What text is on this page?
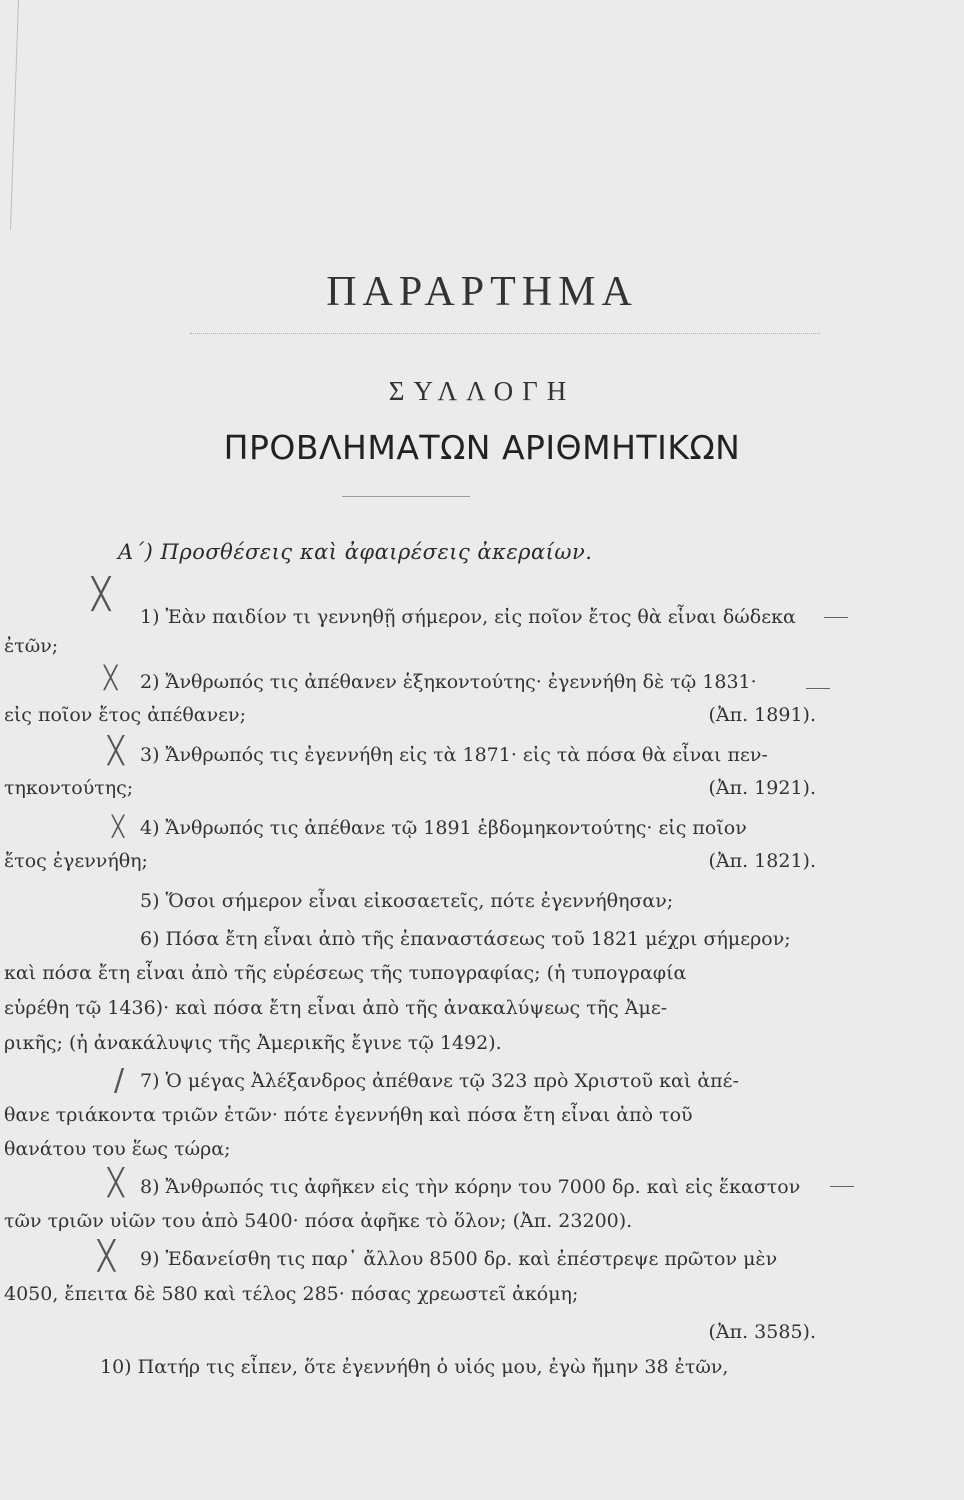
ΠΑΡΑΡΤΗΜΑ
ΣΥΛΛΟΓΗ
ΠΡΟΒΛΗΜΑΤΩΝ ΑΡΙΘΜΗΤΙΚΩΝ
Α΄) Προσθέσεις καὶ ἀφαιρέσεις ἀκεραίων.
1) Ἐὰν παιδίον τι γεννηθῇ σήμερον, εἰς ποῖον ἔτος θὰ εἶναι δώδεκα
ἐτῶν;
2) Ἄνθρωπός τις ἀπέθανεν ἑξηκοντούτης· ἐγεννήθη δὲ τῷ 1831·
εἰς ποῖον ἔτος ἀπέθανεν;	(Ἀπ. 1891).
3) Ἄνθρωπός τις ἐγεννήθη εἰς τὰ 1871· εἰς τὰ πόσα θὰ εἶναι πεν-
τηκοντούτης;	(Ἀπ. 1921).
4) Ἄνθρωπός τις ἀπέθανε τῷ 1891 ἑβδομηκοντούτης· εἰς ποῖον
ἔτος ἐγεννήθη;	(Ἀπ. 1821).
5) Ὅσοι σήμερον εἶναι εἰκοσαετεῖς, πότε ἐγεννήθησαν;
6) Πόσα ἔτη εἶναι ἀπὸ τῆς ἐπαναστάσεως τοῦ 1821 μέχρι σήμερον;
καὶ πόσα ἔτη εἶναι ἀπὸ τῆς εὑρέσεως τῆς τυπογραφίας; (ἡ τυπογραφία
εὑρέθη τῷ 1436)· καὶ πόσα ἔτη εἶναι ἀπὸ τῆς ἀνακαλύψεως τῆς Ἀμε-
ρικῆς; (ἡ ἀνακάλυψις τῆς Ἀμερικῆς ἔγινε τῷ 1492).
7) Ὁ μέγας Ἀλέξανδρος ἀπέθανε τῷ 323 πρὸ Χριστοῦ καὶ ἀπέ-
θανε τριάκοντα τριῶν ἐτῶν· πότε ἐγεννήθη καὶ πόσα ἔτη εἶναι ἀπὸ τοῦ
θανάτου του ἕως τώρα;
8) Ἄνθρωπός τις ἀφῆκεν εἰς τὴν κόρην του 7000 δρ. καὶ εἰς ἕκαστον
τῶν τριῶν υἱῶν του ἀπὸ 5400· πόσα ἀφῆκε τὸ ὅλον; (Ἀπ. 23200).
9) Ἐδανείσθη τις παρ᾽ ἄλλου 8500 δρ. καὶ ἐπέστρεψε πρῶτον μὲν
4050, ἔπειτα δὲ 580 καὶ τέλος 285· πόσας χρεωστεῖ ἀκόμη;
(Ἀπ. 3585).
10) Πατήρ τις εἶπεν, ὅτε ἐγεννήθη ὁ υἱός μου, ἐγὼ ἤμην 38 ἐτῶν,
╳
╳
╳
╳
/
╳
╳
